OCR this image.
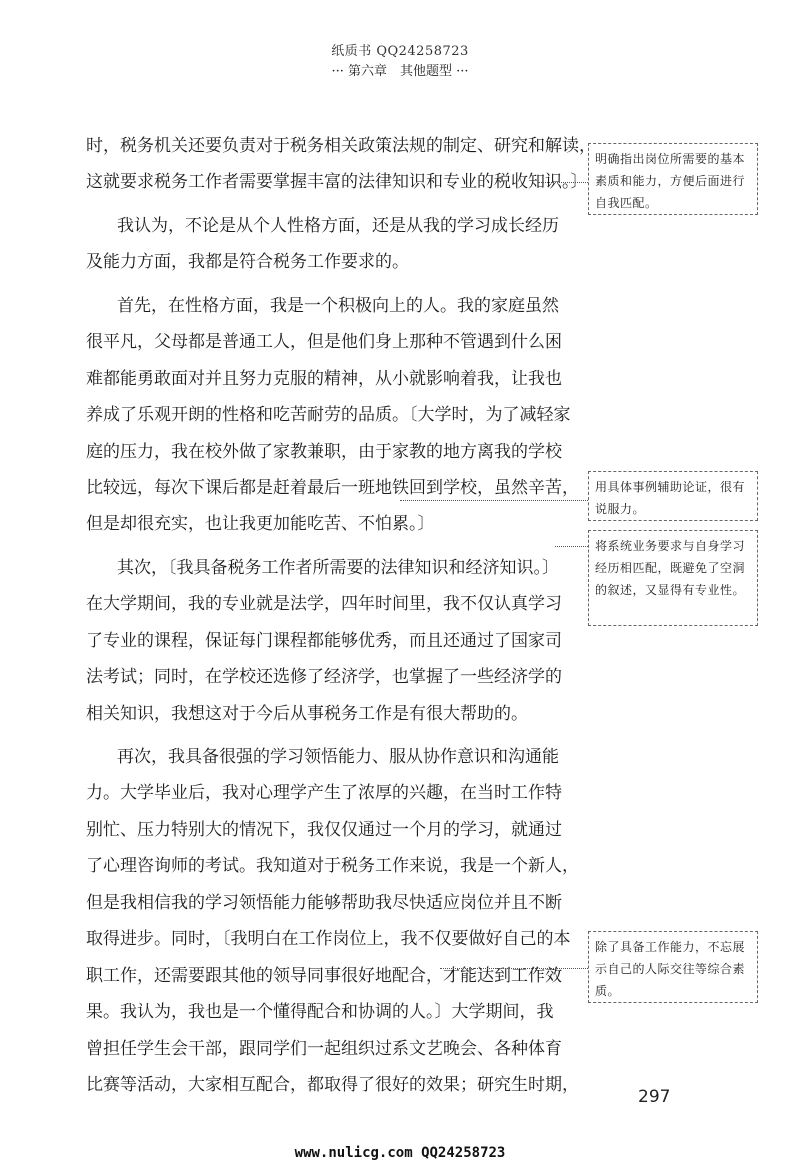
纸质书 QQ24258723
··· 第六章　其他题型 ···
时，税务机关还要负责对于税务相关政策法规的制定、研究和解读，
这就要求税务工作者需要掌握丰富的法律知识和专业的税收知识。〕
我认为，不论是从个人性格方面，还是从我的学习成长经历
及能力方面，我都是符合税务工作要求的。
首先，在性格方面，我是一个积极向上的人。我的家庭虽然
很平凡，父母都是普通工人，但是他们身上那种不管遇到什么困
难都能勇敢面对并且努力克服的精神，从小就影响着我，让我也
养成了乐观开朗的性格和吃苦耐劳的品质。〔大学时，为了减轻家
庭的压力，我在校外做了家教兼职，由于家教的地方离我的学校
比较远，每次下课后都是赶着最后一班地铁回到学校，虽然辛苦，
但是却很充实，也让我更加能吃苦、不怕累。〕
其次，〔我具备税务工作者所需要的法律知识和经济知识。〕
在大学期间，我的专业就是法学，四年时间里，我不仅认真学习
了专业的课程，保证每门课程都能够优秀，而且还通过了国家司
法考试；同时，在学校还选修了经济学，也掌握了一些经济学的
相关知识，我想这对于今后从事税务工作是有很大帮助的。
再次，我具备很强的学习领悟能力、服从协作意识和沟通能
力。大学毕业后，我对心理学产生了浓厚的兴趣，在当时工作特
别忙、压力特别大的情况下，我仅仅通过一个月的学习，就通过
了心理咨询师的考试。我知道对于税务工作来说，我是一个新人，
但是我相信我的学习领悟能力能够帮助我尽快适应岗位并且不断
取得进步。同时，〔我明白在工作岗位上，我不仅要做好自己的本
职工作，还需要跟其他的领导同事很好地配合，才能达到工作效
果。我认为，我也是一个懂得配合和协调的人。〕大学期间，我
曾担任学生会干部，跟同学们一起组织过系文艺晚会、各种体育
比赛等活动，大家相互配合，都取得了很好的效果；研究生时期，
明确指出岗位所需要的基本素质和能力，方便后面进行自我匹配。
用具体事例辅助论证，很有说服力。
将系统业务要求与自身学习经历相匹配，既避免了空洞的叙述，又显得有专业性。
除了具备工作能力，不忘展示自己的人际交往等综合素质。
297
www.nulicg.com QQ24258723
